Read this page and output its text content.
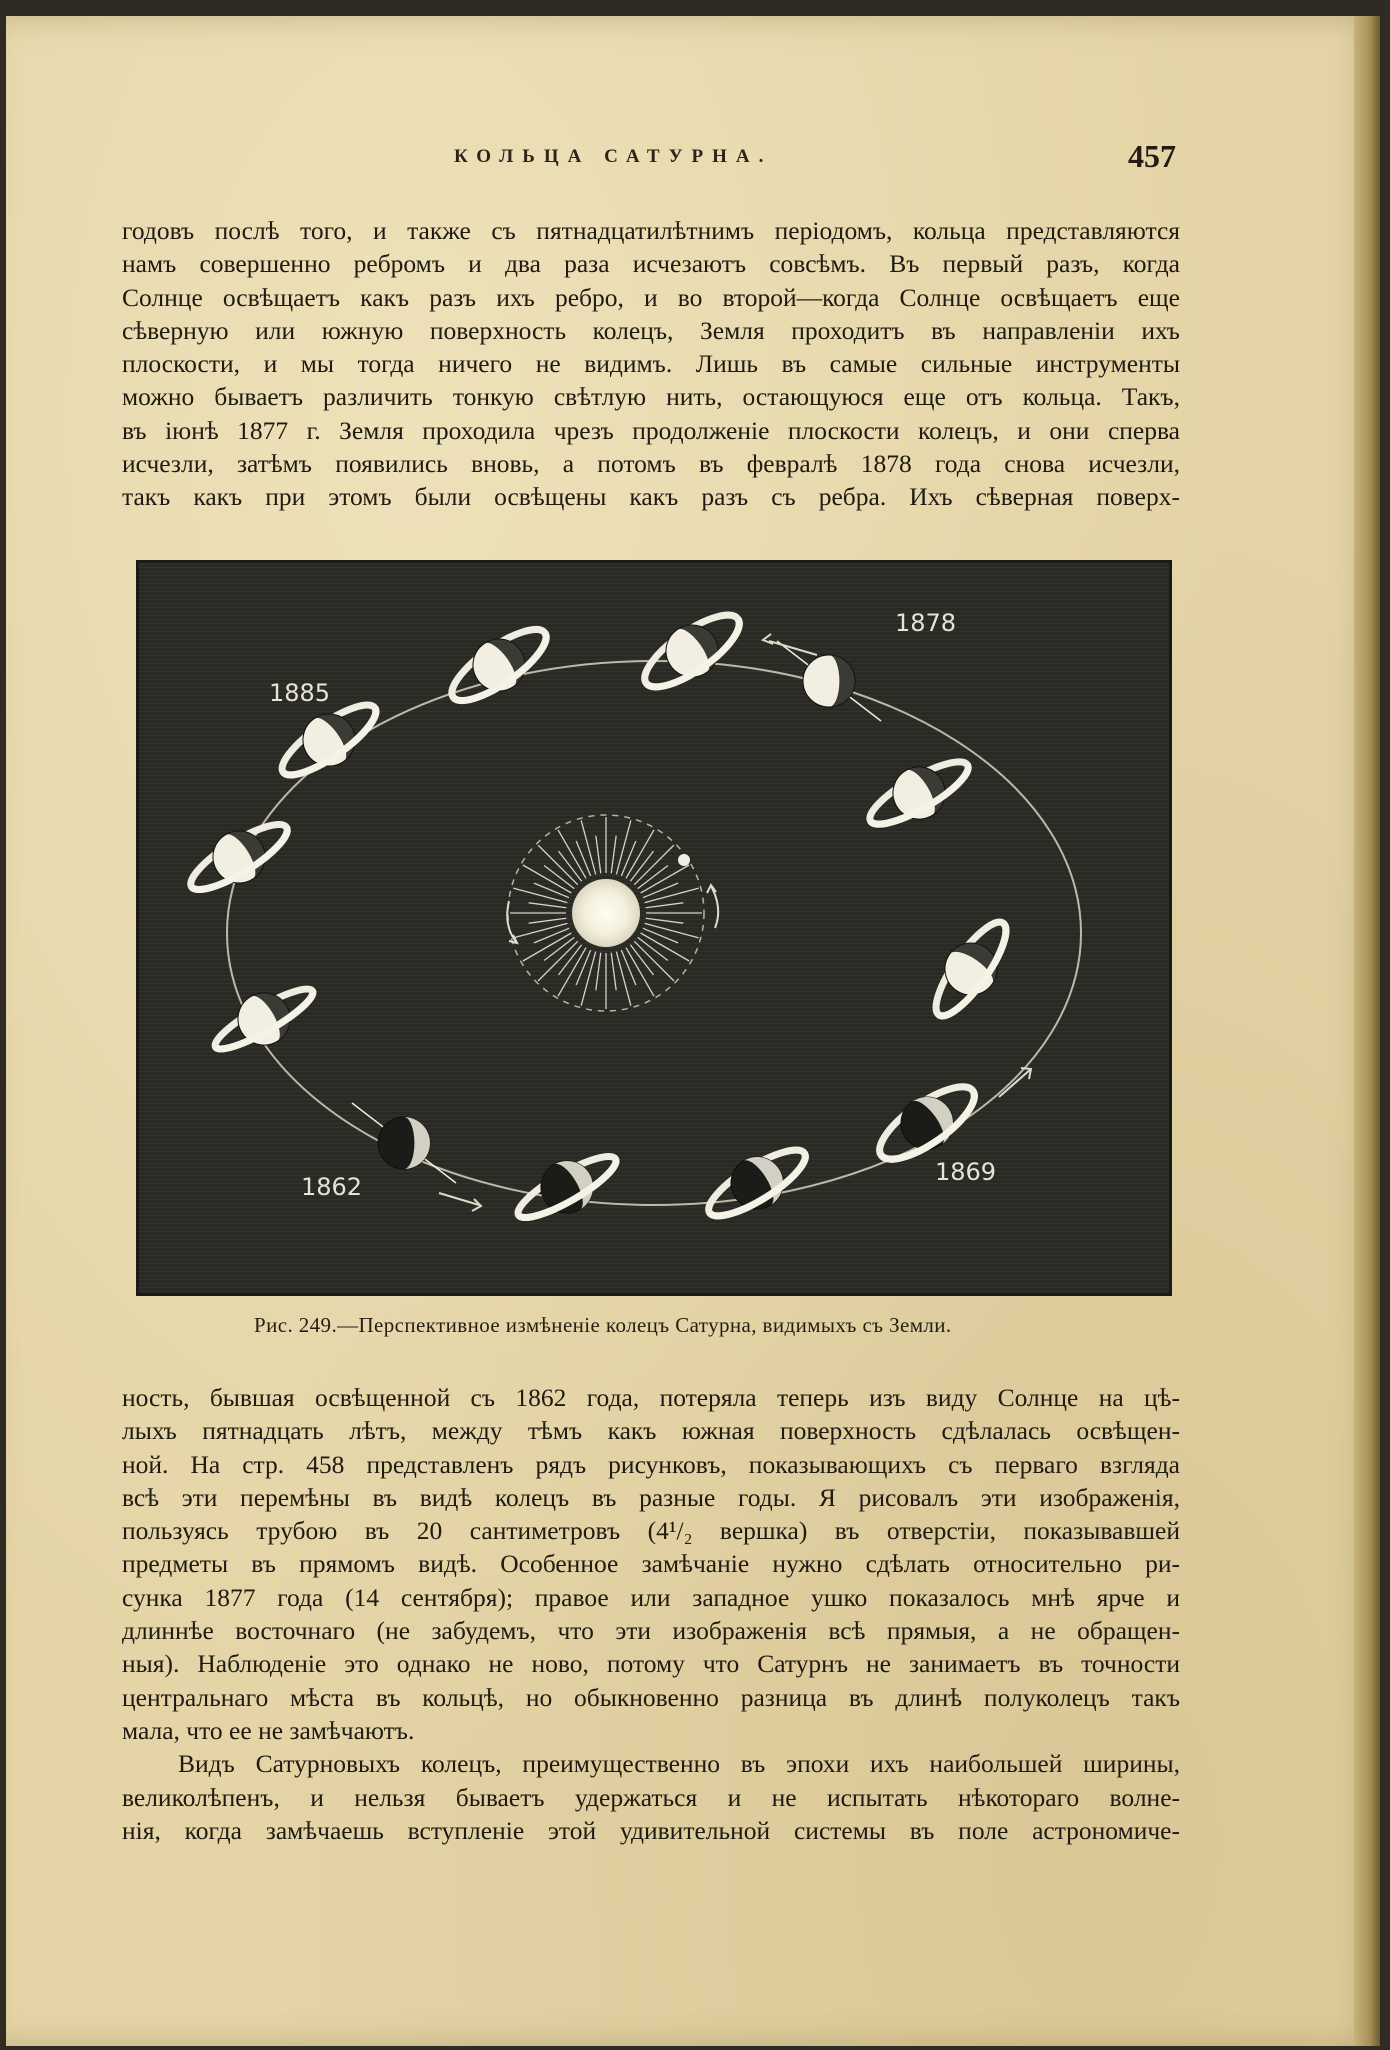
КОЛЬЦА САТУРНА.	457
годовъ послѣ того, и также съ пятнадцатилѣтнимъ періодомъ, кольца представляются
намъ совершенно ребромъ и два раза исчезаютъ совсѣмъ. Въ первый разъ, когда
Солнце освѣщаетъ какъ разъ ихъ ребро, и во второй—когда Солнце освѣщаетъ еще
сѣверную или южную поверхность колецъ, Земля проходитъ въ направленіи ихъ
плоскости, и мы тогда ничего не видимъ. Лишь въ самые сильные инструменты
можно бываетъ различить тонкую свѣтлую нить, остающуюся еще отъ кольца. Такъ,
въ іюнѣ 1877 г. Земля проходила чрезъ продолженіе плоскости колецъ, и они сперва
исчезли, затѣмъ появились вновь, а потомъ въ февралѣ 1878 года снова исчезли,
такъ какъ при этомъ были освѣщены какъ разъ съ ребра. Ихъ сѣверная поверх-
1878
1885
1862
1869
Рис. 249.—Перспективное измѣненіе колецъ Сатурна, видимыхъ съ Земли.
ность, бывшая освѣщенной съ 1862 года, потеряла теперь изъ виду Солнце на цѣ-
лыхъ пятнадцать лѣтъ, между тѣмъ какъ южная поверхность сдѣлалась освѣщен-
ной. На стр. 458 представленъ рядъ рисунковъ, показывающихъ съ перваго взгляда
всѣ эти перемѣны въ видѣ колецъ въ разные годы. Я рисовалъ эти изображенія,
пользуясь трубою въ 20 сантиметровъ (4¹/₂ вершка) въ отверстіи, показывавшей
предметы въ прямомъ видѣ. Особенное замѣчаніе нужно сдѣлать относительно ри-
сунка 1877 года (14 сентября); правое или западное ушко показалось мнѣ ярче и
длиннѣе восточнаго (не забудемъ, что эти изображенія всѣ прямыя, а не обращен-
ныя). Наблюденіе это однако не ново, потому что Сатурнъ не занимаетъ въ точности
центральнаго мѣста въ кольцѣ, но обыкновенно разница въ длинѣ полуколецъ такъ
мала, что ее не замѣчаютъ.
Видъ Сатурновыхъ колецъ, преимущественно въ эпохи ихъ наибольшей ширины,
великолѣпенъ, и нельзя бываетъ удержаться и не испытать нѣкотораго волне-
нія, когда замѣчаешь вступленіе этой удивительной системы въ поле астрономиче-
